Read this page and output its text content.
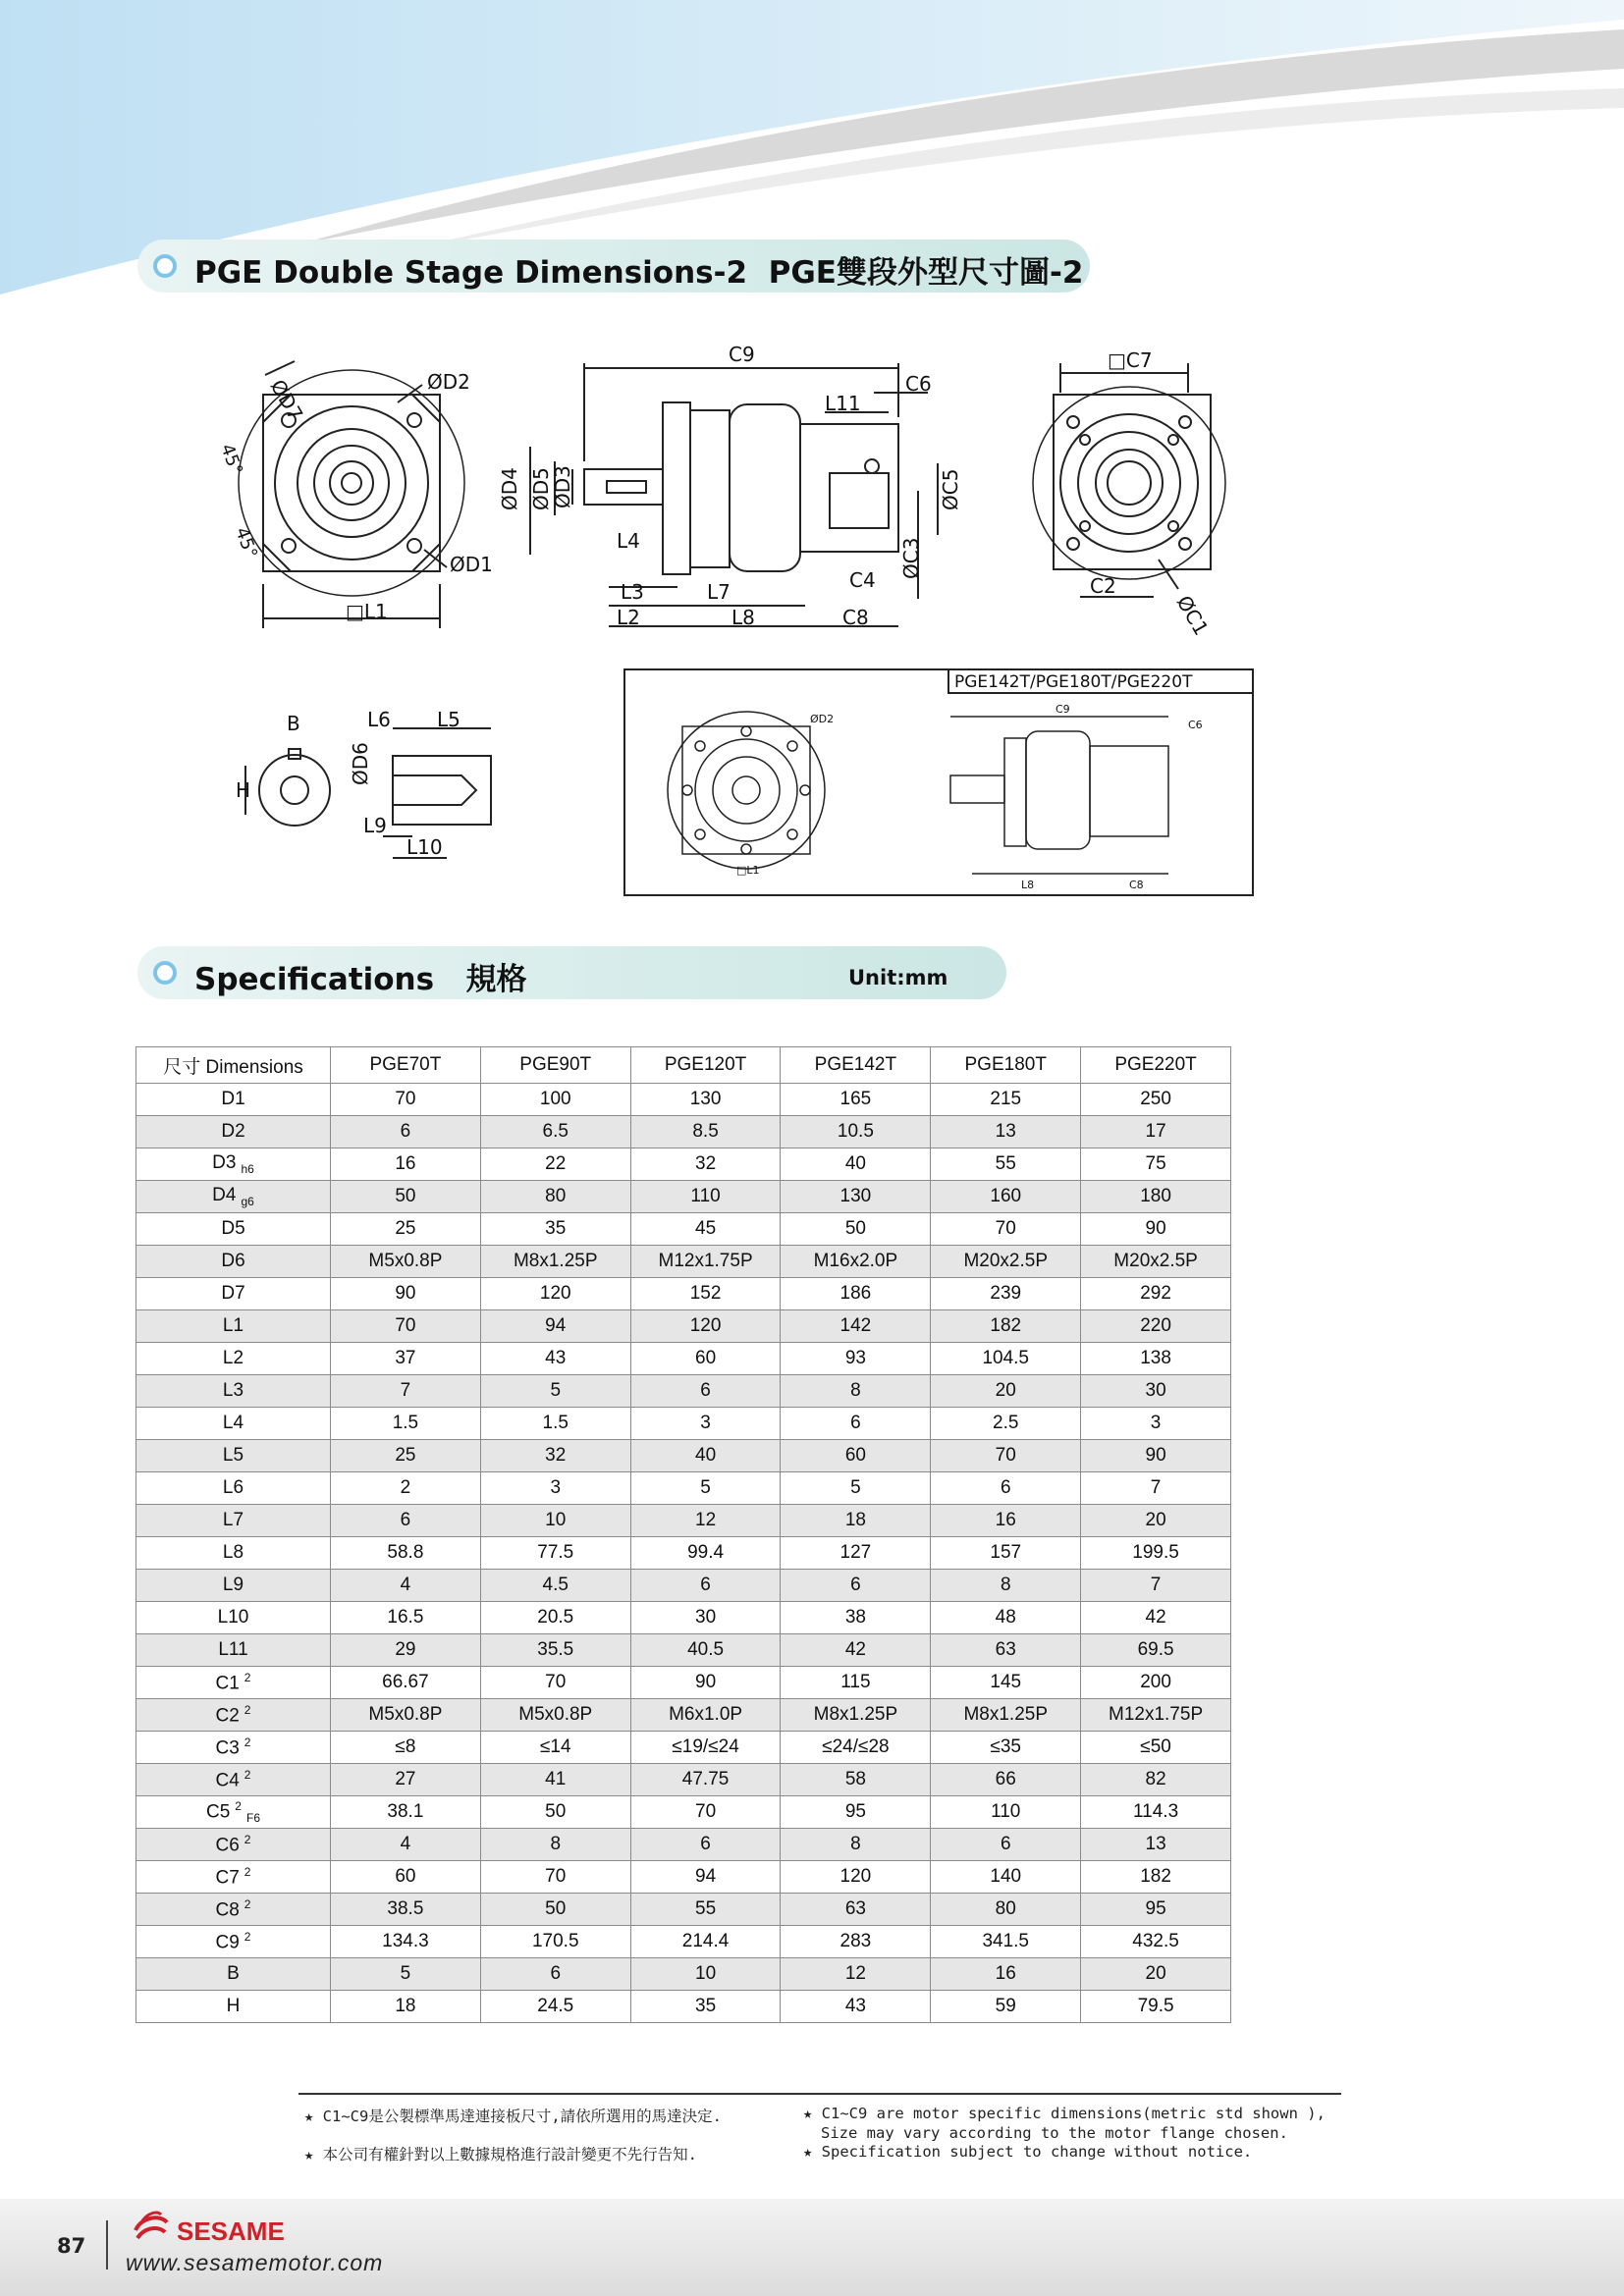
PGE Double Stage Dimensions-2 PGE雙段外型尺寸圖-2
□L1
ØD7	ØD2
ØD1
45°
45°
C9
C6
L11
ØD4 ØD5
ØD3	ØC5
ØC3
L4
L3	L7	C4
L2	L8	C8
□C7
C2
ØC1
B
H
L6 L5
ØD6
L9
L10
PGE142T/PGE180T/PGE220T
ØD2
□L1
C9
C6
L8	C8
Specifications 規格	Unit:mm
尺寸 Dimensions	PGE70T	PGE90T	PGE120T	PGE142T	PGE180T	PGE220T
D1	70	100	130	165	215	250
D2	6	6.5	8.5	10.5	13	17
D3 $_{h6}$	16	22	32	40	55	75
D4 $_{g6}$	50	80	110	130	160	180
D5	25	35	45	50	70	90
D6	M5x0.8P	M8x1.25P	M12x1.75P	M16x2.0P	M20x2.5P	M20x2.5P
D7	90	120	152	186	239	292
L1	70	94	120	142	182	220
L2	37	43	60	93	104.5	138
L3	7	5	6	8	20	30
L4	1.5	1.5	3	6	2.5	3
L5	25	32	40	60	70	90
L6	2	3	5	5	6	7
L7	6	10	12	18	16	20
L8	58.8	77.5	99.4	127	157	199.5
L9	4	4.5	6	6	8	7
L10	16.5	20.5	30	38	48	42
L11	29	35.5	40.5	42	63	69.5
C1 $^2$	66.67	70	90	115	145	200
C2 $^2$	M5x0.8P	M5x0.8P	M6x1.0P	M8x1.25P	M8x1.25P	M12x1.75P
C3 $^2$	≤8	≤14	≤19/≤24	≤24/≤28	≤35	≤50
C4 $^2$	27	41	47.75	58	66	82
C5 $^2_{F6}$	38.1	50	70	95	110	114.3
C6 $^2$	4	8	6	8	6	13
C7 $^2$	60	70	94	120	140	182
C8 $^2$	38.5	50	55	63	80	95
C9 $^2$	134.3	170.5	214.4	283	341.5	432.5
B	5	6	10	12	16	20
H	18	24.5	35	43	59	79.5
★ C1~C9是公製標準馬達連接板尺寸,請依所選用的馬達決定.
★ 本公司有權針對以上數據規格進行設計變更不先行告知.
★ C1~C9 are motor specific dimensions(metric std shown ),
Size may vary according to the motor flange chosen.
★ Specification subject to change without notice.
87	SESAME
www.sesamemotor.com
